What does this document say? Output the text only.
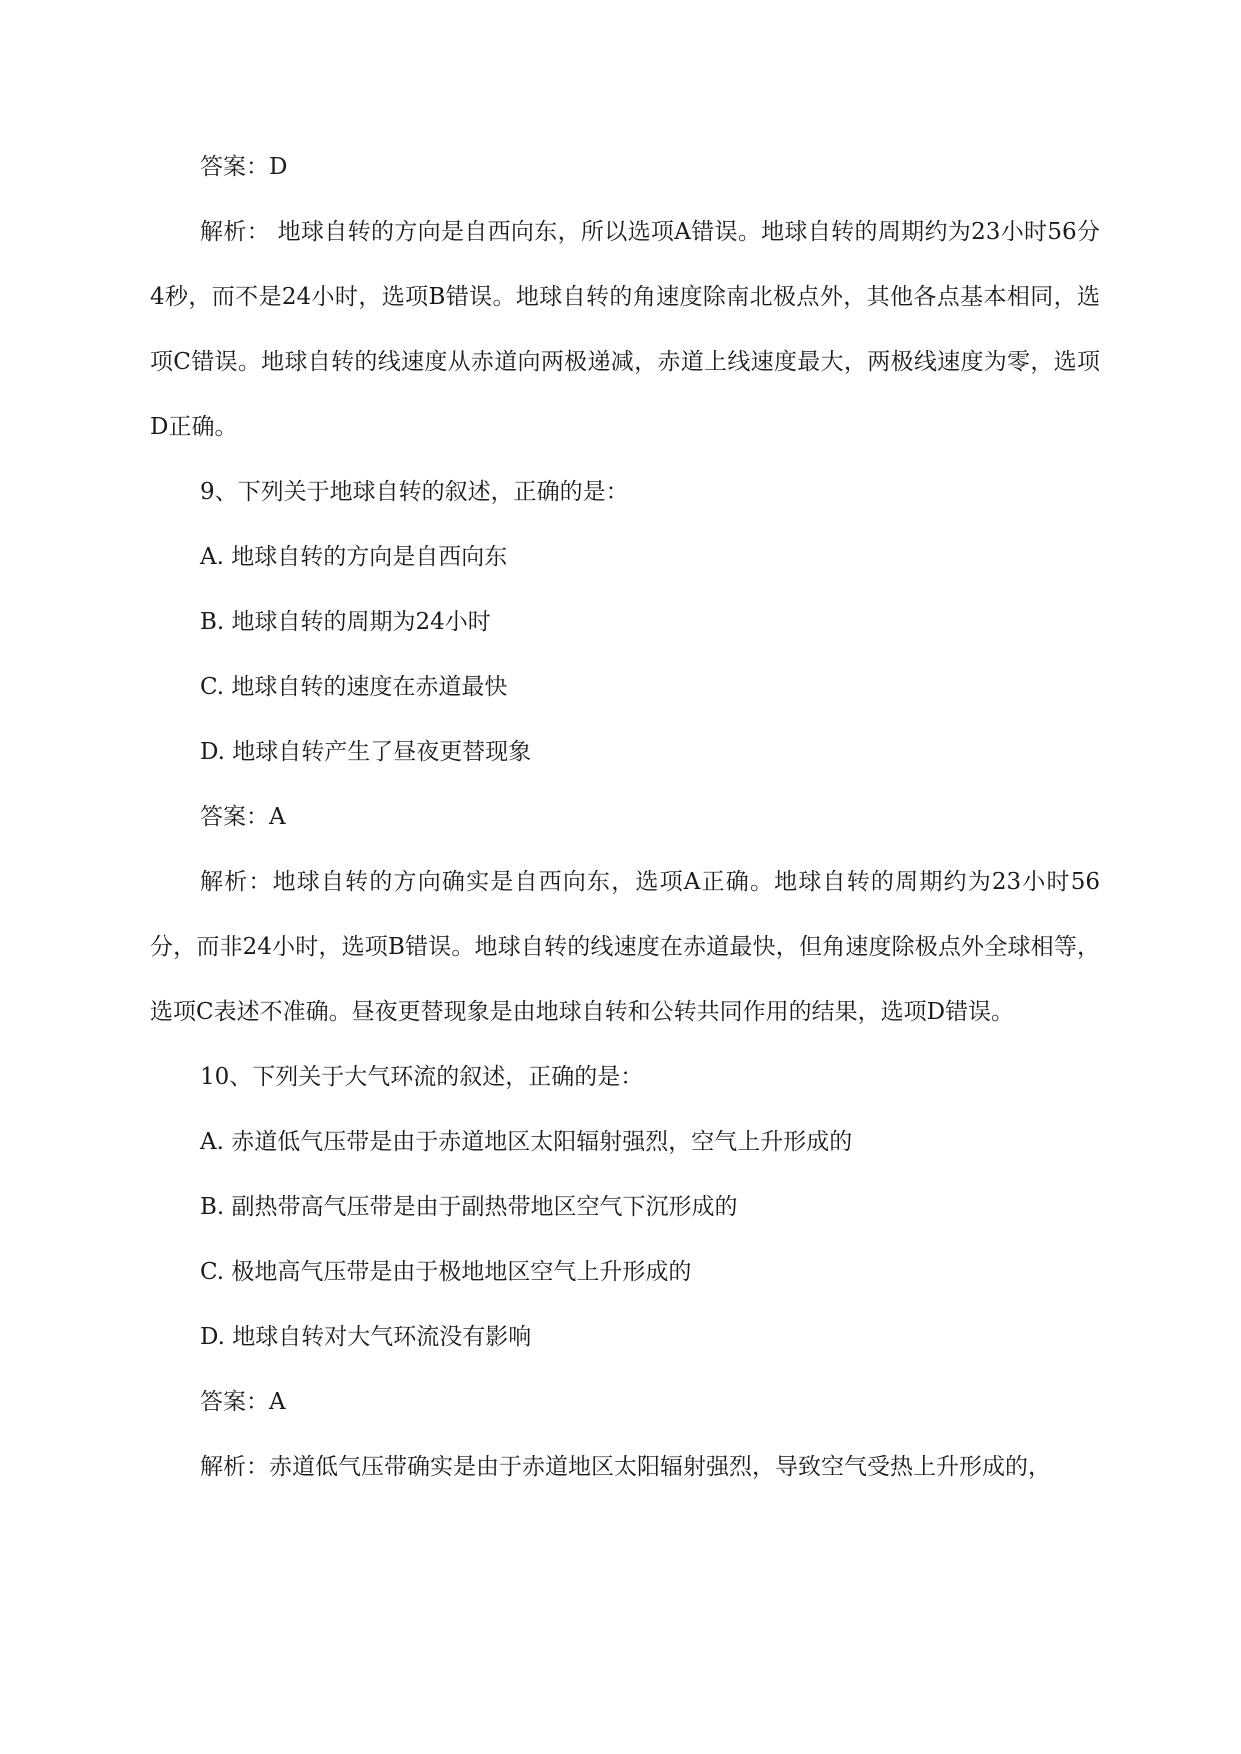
答案：D

解析： 地球自转的方向是自西向东，所以选项A错误。地球自转的周期约为23小时56分4秒，而不是24小时，选项B错误。地球自转的角速度除南北极点外，其他各点基本相同，选项C错误。地球自转的线速度从赤道向两极递减，赤道上线速度最大，两极线速度为零，选项D正确。

9、下列关于地球自转的叙述，正确的是：

A. 地球自转的方向是自西向东

B. 地球自转的周期为24小时

C. 地球自转的速度在赤道最快

D. 地球自转产生了昼夜更替现象

答案：A

解析：地球自转的方向确实是自西向东，选项A正确。地球自转的周期约为23小时56分，而非24小时，选项B错误。地球自转的线速度在赤道最快，但角速度除极点外全球相等，选项C表述不准确。昼夜更替现象是由地球自转和公转共同作用的结果，选项D错误。

10、下列关于大气环流的叙述，正确的是：

A. 赤道低气压带是由于赤道地区太阳辐射强烈，空气上升形成的

B. 副热带高气压带是由于副热带地区空气下沉形成的

C. 极地高气压带是由于极地地区空气上升形成的

D. 地球自转对大气环流没有影响

答案：A

解析：赤道低气压带确实是由于赤道地区太阳辐射强烈，导致空气受热上升形成的，
